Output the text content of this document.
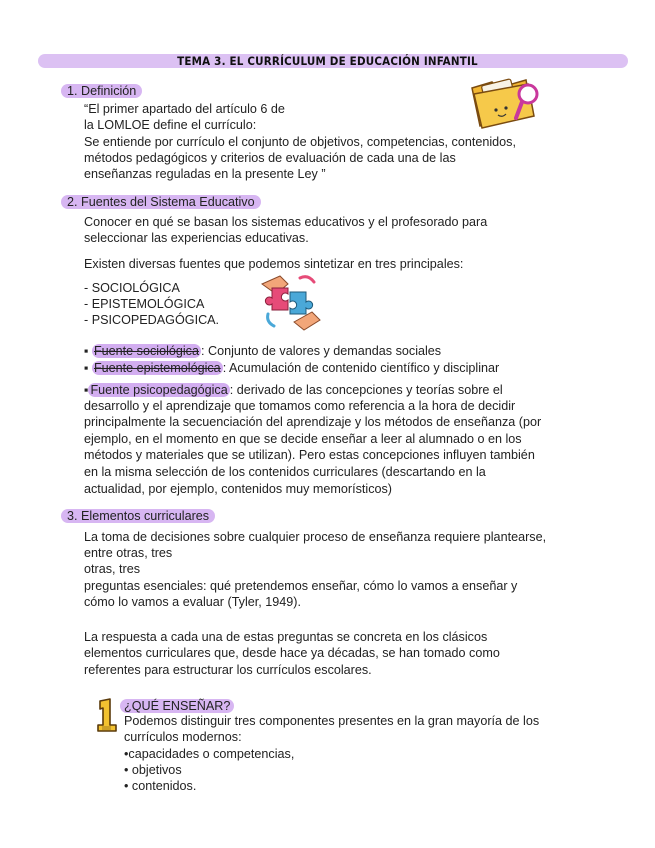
TEMA 3. EL CURRÍCULUM DE EDUCACIÓN INFANTIL
1. Definición
“El primer apartado del artículo 6 de
la LOMLOE define el currículo:
Se entiende por currículo el conjunto de objetivos, competencias, contenidos,
métodos pedagógicos y criterios de evaluación de cada una de las
enseñanzas reguladas en la presente Ley ”
2. Fuentes del Sistema Educativo
Conocer en qué se basan los sistemas educativos y el profesorado para
seleccionar las experiencias educativas.
Existen diversas fuentes que podemos sintetizar en tres principales:
- SOCIOLÓGICA
- EPISTEMOLÓGICA
- PSICOPEDAGÓGICA.
▪ Fuente sociológica : Conjunto de valores y demandas sociales
▪ Fuente epistemológica : Acumulación de contenido científico y disciplinar
▪ Fuente psicopedagógica : derivado de las concepciones y teorías sobre el
desarrollo y el aprendizaje que tomamos como referencia a la hora de decidir
principalmente la secuenciación del aprendizaje y los métodos de enseñanza (por
ejemplo, en el momento en que se decide enseñar a leer al alumnado o en los
métodos y materiales que se utilizan). Pero estas concepciones influyen también
en la misma selección de los contenidos curriculares (descartando en la
actualidad, por ejemplo, contenidos muy memorísticos)
3. Elementos curriculares
La toma de decisiones sobre cualquier proceso de enseñanza requiere plantearse,
entre otras, tres
otras, tres
preguntas esenciales: qué pretendemos enseñar, cómo lo vamos a enseñar y
cómo lo vamos a evaluar (Tyler, 1949).
La respuesta a cada una de estas preguntas se concreta en los clásicos
elementos curriculares que, desde hace ya décadas, se han tomado como
referentes para estructurar los currículos escolares.
¿QUÉ ENSEÑAR?
Podemos distinguir tres componentes presentes en la gran mayoría de los
currículos modernos:
•capacidades o competencias,
• objetivos
• contenidos.
